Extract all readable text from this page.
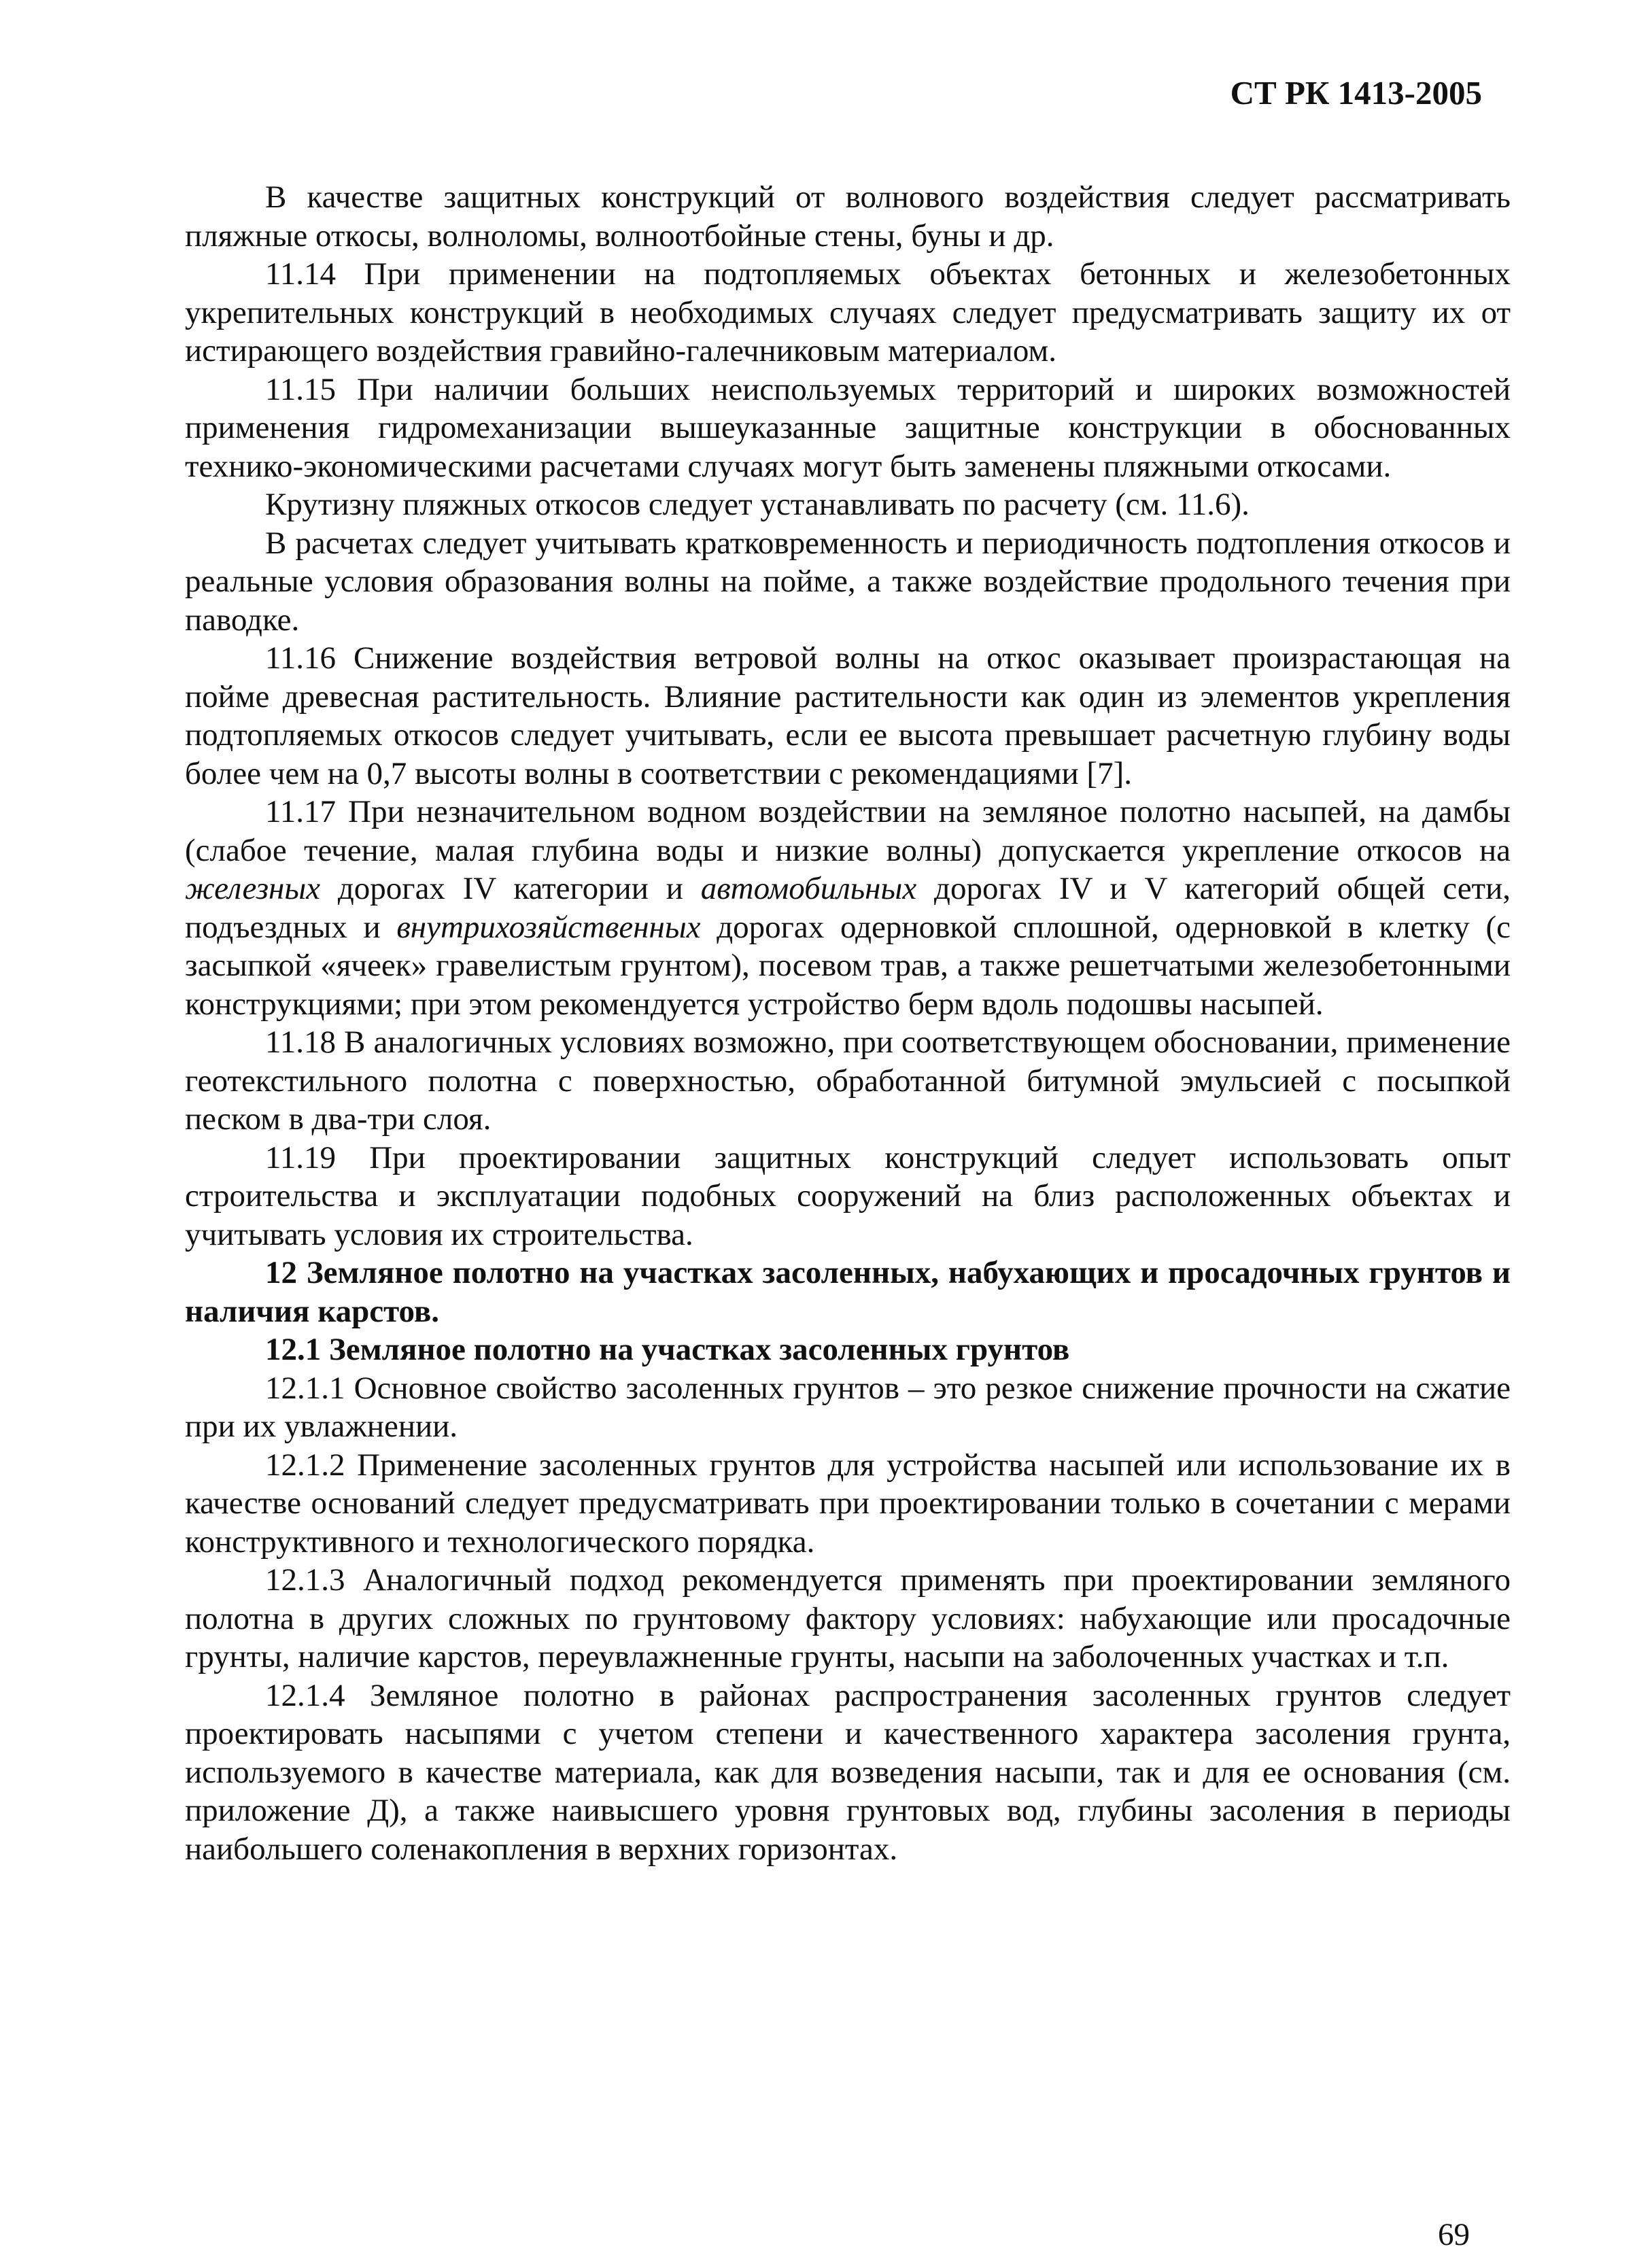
СТ РК 1413-2005

В качестве защитных конструкций от волнового воздействия следует рассматривать пляжные откосы, волноломы, волноотбойные стены, буны и др.

11.14 При применении на подтопляемых объектах бетонных и железобетонных укрепительных конструкций в необходимых случаях следует предусматривать защиту их от истирающего воздействия гравийно-галечниковым материалом.

11.15 При наличии больших неиспользуемых территорий и широких возможностей применения гидромеханизации вышеуказанные защитные конструкции в обоснованных технико-экономическими расчетами случаях могут быть заменены пляжными откосами.

Крутизну пляжных откосов следует устанавливать по расчету (см. 11.6).

В расчетах следует учитывать кратковременность и периодичность подтопления откосов и реальные условия образования волны на пойме, а также воздействие продольного течения при паводке.

11.16 Снижение воздействия ветровой волны на откос оказывает произрастающая на пойме древесная растительность. Влияние растительности как один из элементов укрепления подтопляемых откосов следует учитывать, если ее высота превышает расчетную глубину воды более чем на 0,7 высоты волны в соответствии с рекомендациями [7].

11.17 При незначительном водном воздействии на земляное полотно насыпей, на дамбы (слабое течение, малая глубина воды и низкие волны) допускается укрепление откосов на железных дорогах IV категории и автомобильных дорогах IV и V категорий общей сети, подъездных и внутрихозяйственных дорогах одерновкой сплошной, одерновкой в клетку (с засыпкой «ячеек» гравелистым грунтом), посевом трав, а также решетчатыми железобетонными конструкциями; при этом рекомендуется устройство берм вдоль подошвы насыпей.

11.18 В аналогичных условиях возможно, при соответствующем обосновании, применение геотекстильного полотна с поверхностью, обработанной битумной эмульсией с посыпкой песком в два-три слоя.

11.19 При проектировании защитных конструкций следует использовать опыт строительства и эксплуатации подобных сооружений на близ расположенных объектах и учитывать условия их строительства.

12 Земляное полотно на участках засоленных, набухающих и просадочных грунтов и наличия карстов.

12.1 Земляное полотно на участках засоленных грунтов

12.1.1 Основное свойство засоленных грунтов – это резкое снижение прочности на сжатие при их увлажнении.

12.1.2 Применение засоленных грунтов для устройства насыпей или использование их в качестве оснований следует предусматривать при проектировании только в сочетании с мерами конструктивного и технологического порядка.

12.1.3 Аналогичный подход рекомендуется применять при проектировании земляного полотна в других сложных по грунтовому фактору условиях: набухающие или просадочные грунты, наличие карстов, переувлажненные грунты, насыпи на заболоченных участках и т.п.

12.1.4 Земляное полотно в районах распространения засоленных грунтов следует проектировать насыпями с учетом степени и качественного характера засоления грунта, используемого в качестве материала, как для возведения насыпи, так и для ее основания (см. приложение Д), а также наивысшего уровня грунтовых вод, глубины засоления в периоды наибольшего соленакопления в верхних горизонтах.

69
